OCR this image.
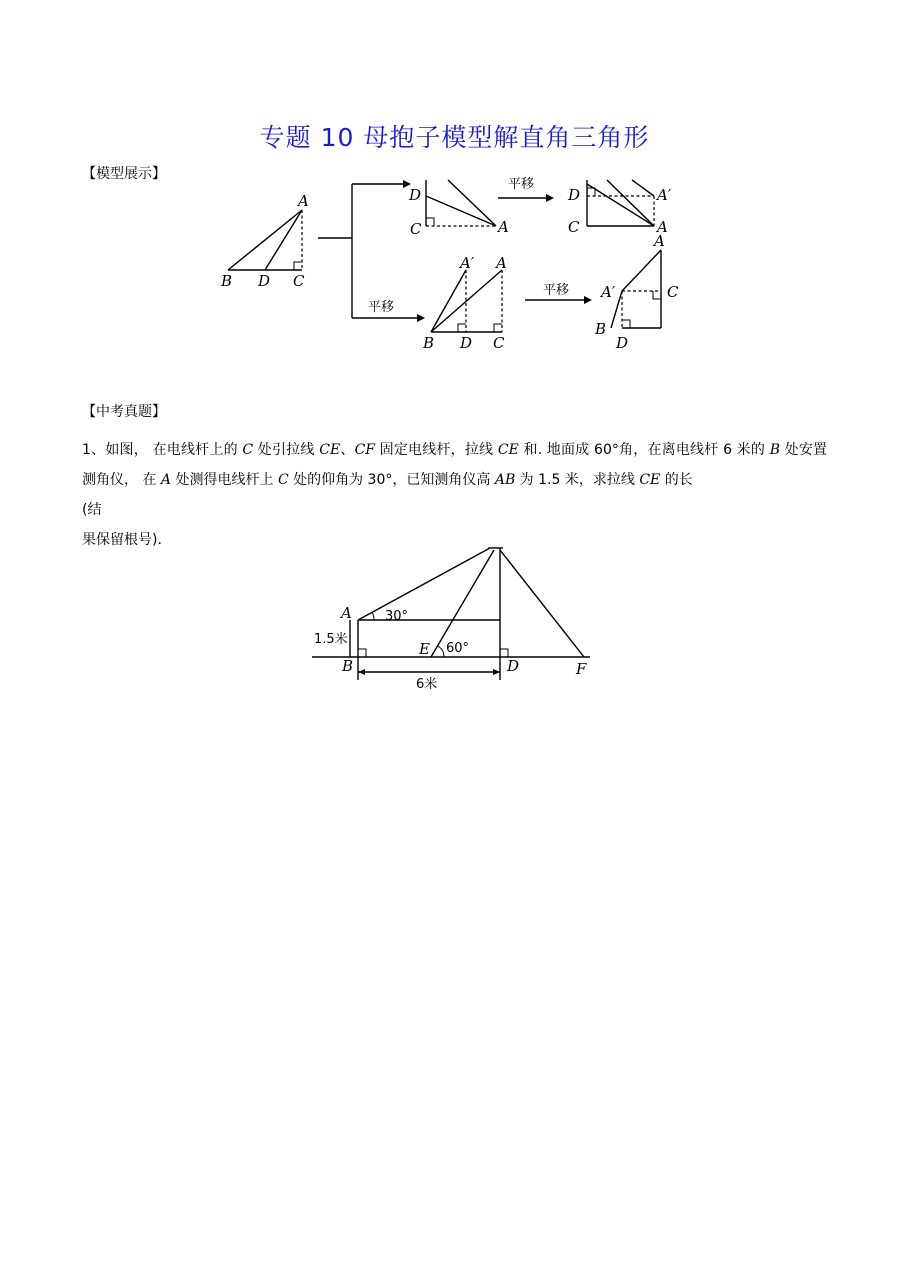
专题 10 母抱子模型解直角三角形
【模型展示】
A
B D C
D
C	A
平移
D
C
A′
A
平移
A′ A
B D C
平移
A
A′	C
B
D
【中考真题】
1、如图， 在电线杆上的 C 处引拉线 CE、CF 固定电线杆，拉线 CE 和. 地面成 60°角，在离电线杆 6 米的 B 处安置测角仪， 在 A 处测得电线杆上 C 处的仰角为 30°，已知测角仪高 AB 为 1.5 米，求拉线 CE 的长
(结
果保留根号)．
A
B	D
E
F
30°
60°
1.5米
6米
